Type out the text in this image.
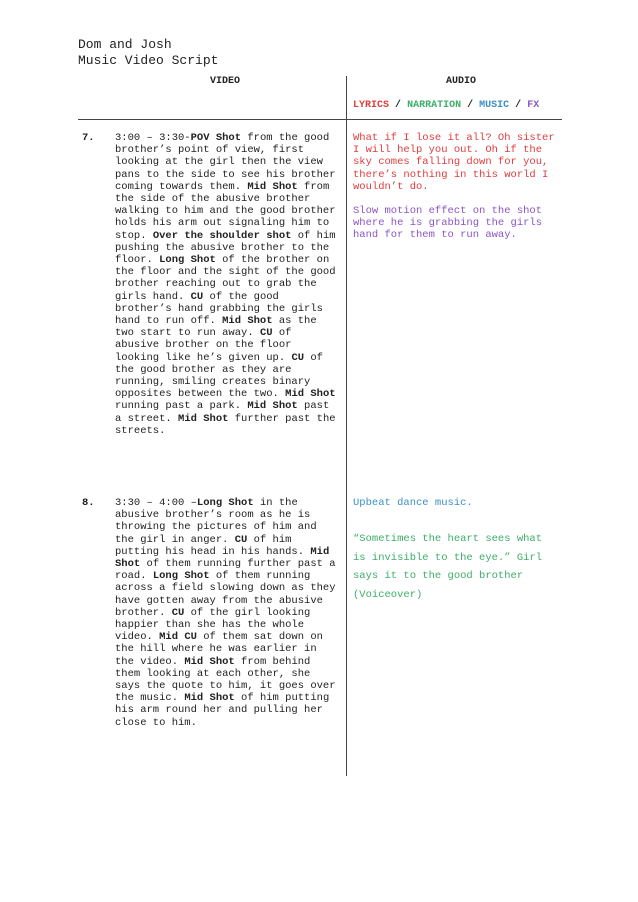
Dom and Josh
Music Video Script
VIDEO	AUDIO
LYRICS / NARRATION / MUSIC / FX
7. 3:00 – 3:30-POV Shot from the good
brother’s point of view, first
looking at the girl then the view
pans to the side to see his brother
coming towards them. Mid Shot from
the side of the abusive brother
walking to him and the good brother
holds his arm out signaling him to
stop. Over the shoulder shot of him
pushing the abusive brother to the
floor. Long Shot of the brother on
the floor and the sight of the good
brother reaching out to grab the
girls hand. CU of the good
brother’s hand grabbing the girls
hand to run off. Mid Shot as the
two start to run away. CU of
abusive brother on the floor
looking like he’s given up. CU of
the good brother as they are
running, smiling creates binary
opposites between the two. Mid Shot
running past a park. Mid Shot past
a street. Mid Shot further past the
streets.
What if I lose it all? Oh sister
I will help you out. Oh if the
sky comes falling down for you,
there’s nothing in this world I
wouldn’t do.
Slow motion effect on the shot
where he is grabbing the girls
hand for them to run away.
8. 3:30 – 4:00 –Long Shot in the
abusive brother’s room as he is
throwing the pictures of him and
the girl in anger. CU of him
putting his head in his hands. Mid
Shot of them running further past a
road. Long Shot of them running
across a field slowing down as they
have gotten away from the abusive
brother. CU of the girl looking
happier than she has the whole
video. Mid CU of them sat down on
the hill where he was earlier in
the video. Mid Shot from behind
them looking at each other, she
says the quote to him, it goes over
the music. Mid Shot of him putting
his arm round her and pulling her
close to him.
Upbeat dance music.
“Sometimes the heart sees what
is invisible to the eye.” Girl
says it to the good brother
(Voiceover)
